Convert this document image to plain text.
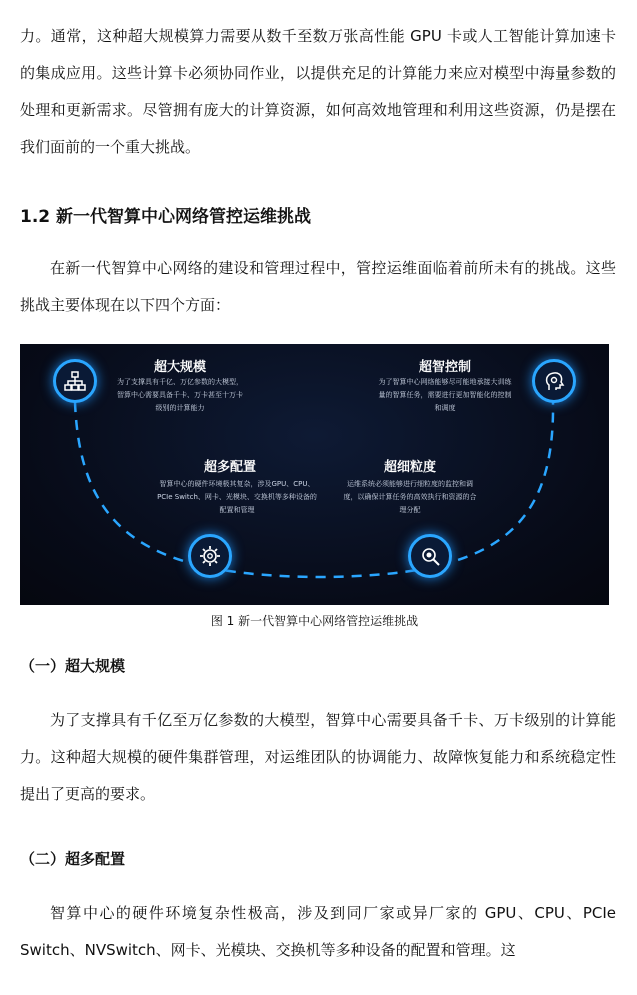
力。通常，这种超大规模算力需要从数千至数万张高性能 GPU 卡或人工智能计算加速卡的集成应用。这些计算卡必须协同作业，以提供充足的计算能力来应对模型中海量参数的处理和更新需求。尽管拥有庞大的计算资源，如何高效地管理和利用这些资源，仍是摆在我们面前的一个重大挑战。

1.2 新一代智算中心网络管控运维挑战

在新一代智算中心网络的建设和管理过程中，管控运维面临着前所未有的挑战。这些挑战主要体现在以下四个方面：

超大规模
为了支撑具有千亿、万亿参数的大模型，智算中心需要具备千卡、万卡甚至十万卡级别的计算能力
超多配置
智算中心的硬件环境极其复杂，涉及GPU、CPU、PCIe Switch、网卡、光模块、交换机等多种设备的配置和管理
超细粒度
运维系统必须能够进行细粒度的监控和调度，以确保计算任务的高效执行和资源的合理分配
超智控制
为了智算中心网络能够尽可能地承接大训练量的智算任务，需要进行更加智能化的控制和调度
图 1 新一代智算中心网络管控运维挑战
（一）超大规模

为了支撑具有千亿至万亿参数的大模型，智算中心需要具备千卡、万卡级别的计算能力。这种超大规模的硬件集群管理，对运维团队的协调能力、故障恢复能力和系统稳定性提出了更高的要求。

（二）超多配置

智算中心的硬件环境复杂性极高，涉及到同厂家或异厂家的 GPU、CPU、PCIe Switch、NVSwitch、网卡、光模块、交换机等多种设备的配置和管理。这
